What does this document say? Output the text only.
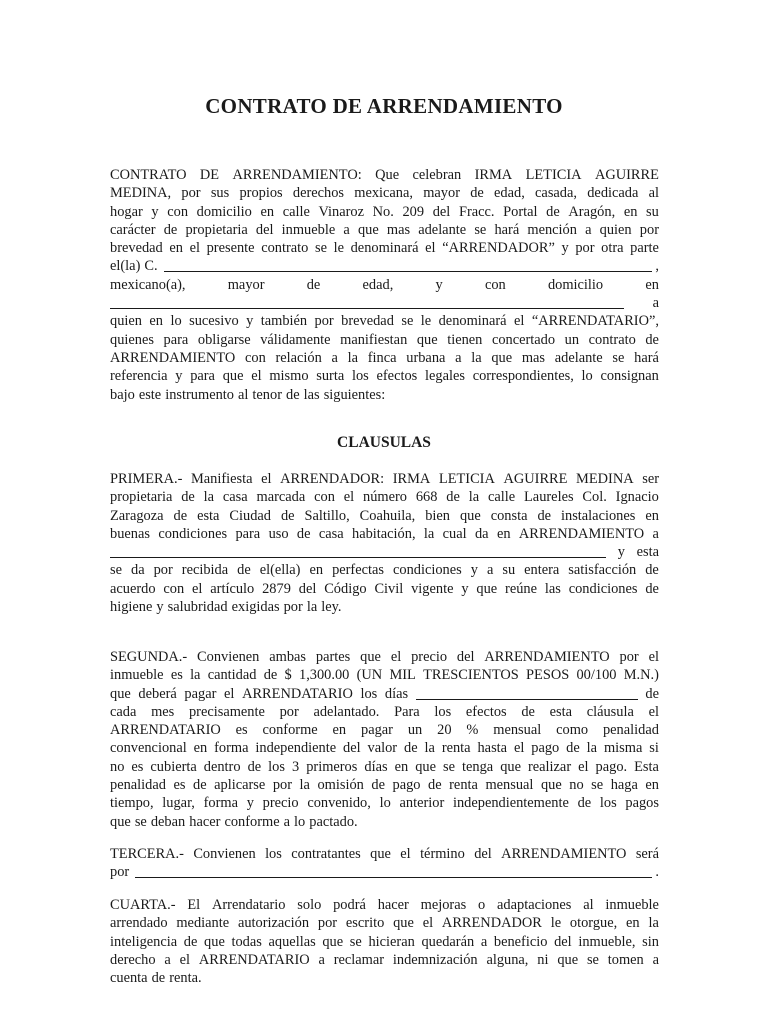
CONTRATO DE ARRENDAMIENTO
CLAUSULAS
CONTRATO DE ARRENDAMIENTO: Que celebran IRMA LETICIA AGUIRRE
MEDINA, por sus propios derechos mexicana, mayor de edad, casada, dedicada al
hogar y con domicilio en calle Vinaroz No. 209 del Fracc. Portal de Aragón, en su
carácter de propietaria del inmueble a que mas adelante se hará mención a quien por
brevedad en el presente contrato se le denominará el “ARRENDADOR” y por otra parte
el(la) C.	,
mexicano(a),	mayor	de	edad,	y	con	domicilio	en
a
quien en lo sucesivo y también por brevedad se le denominará el “ARRENDATARIO”,
quienes para obligarse válidamente manifiestan que tienen concertado un contrato de
ARRENDAMIENTO con relación a la finca urbana a la que mas adelante se hará
referencia y para que el mismo surta los efectos legales correspondientes, lo consignan
bajo este instrumento al tenor de las siguientes:
PRIMERA.- Manifiesta el ARRENDADOR: IRMA LETICIA AGUIRRE MEDINA ser
propietaria de la casa marcada con el número 668 de la calle Laureles Col. Ignacio
Zaragoza de esta Ciudad de Saltillo, Coahuila, bien que consta de instalaciones en
buenas condiciones para uso de casa habitación, la cual da en ARRENDAMIENTO a
y esta
se da por recibida de el(ella) en perfectas condiciones y a su entera satisfacción de
acuerdo con el artículo 2879 del Código Civil vigente y que reúne las condiciones de
higiene y salubridad exigidas por la ley.
SEGUNDA.- Convienen ambas partes que el precio del ARRENDAMIENTO por el
inmueble es la cantidad de $ 1,300.00 (UN MIL TRESCIENTOS PESOS 00/100 M.N.)
que deberá pagar el ARRENDATARIO los días	de
cada mes precisamente por adelantado. Para los efectos de esta cláusula el
ARRENDATARIO es conforme en pagar un 20 % mensual como penalidad
convencional en forma independiente del valor de la renta hasta el pago de la misma si
no es cubierta dentro de los 3 primeros días en que se tenga que realizar el pago. Esta
penalidad es de aplicarse por la omisión de pago de renta mensual que no se haga en
tiempo, lugar, forma y precio convenido, lo anterior independientemente de los pagos
que se deban hacer conforme a lo pactado.
TERCERA.- Convienen los contratantes que el término del ARRENDAMIENTO será
por	.
CUARTA.- El Arrendatario solo podrá hacer mejoras o adaptaciones al inmueble
arrendado mediante autorización por escrito que el ARRENDADOR le otorgue, en la
inteligencia de que todas aquellas que se hicieran quedarán a beneficio del inmueble, sin
derecho a el ARRENDATARIO a reclamar indemnización alguna, ni que se tomen a
cuenta de renta.
